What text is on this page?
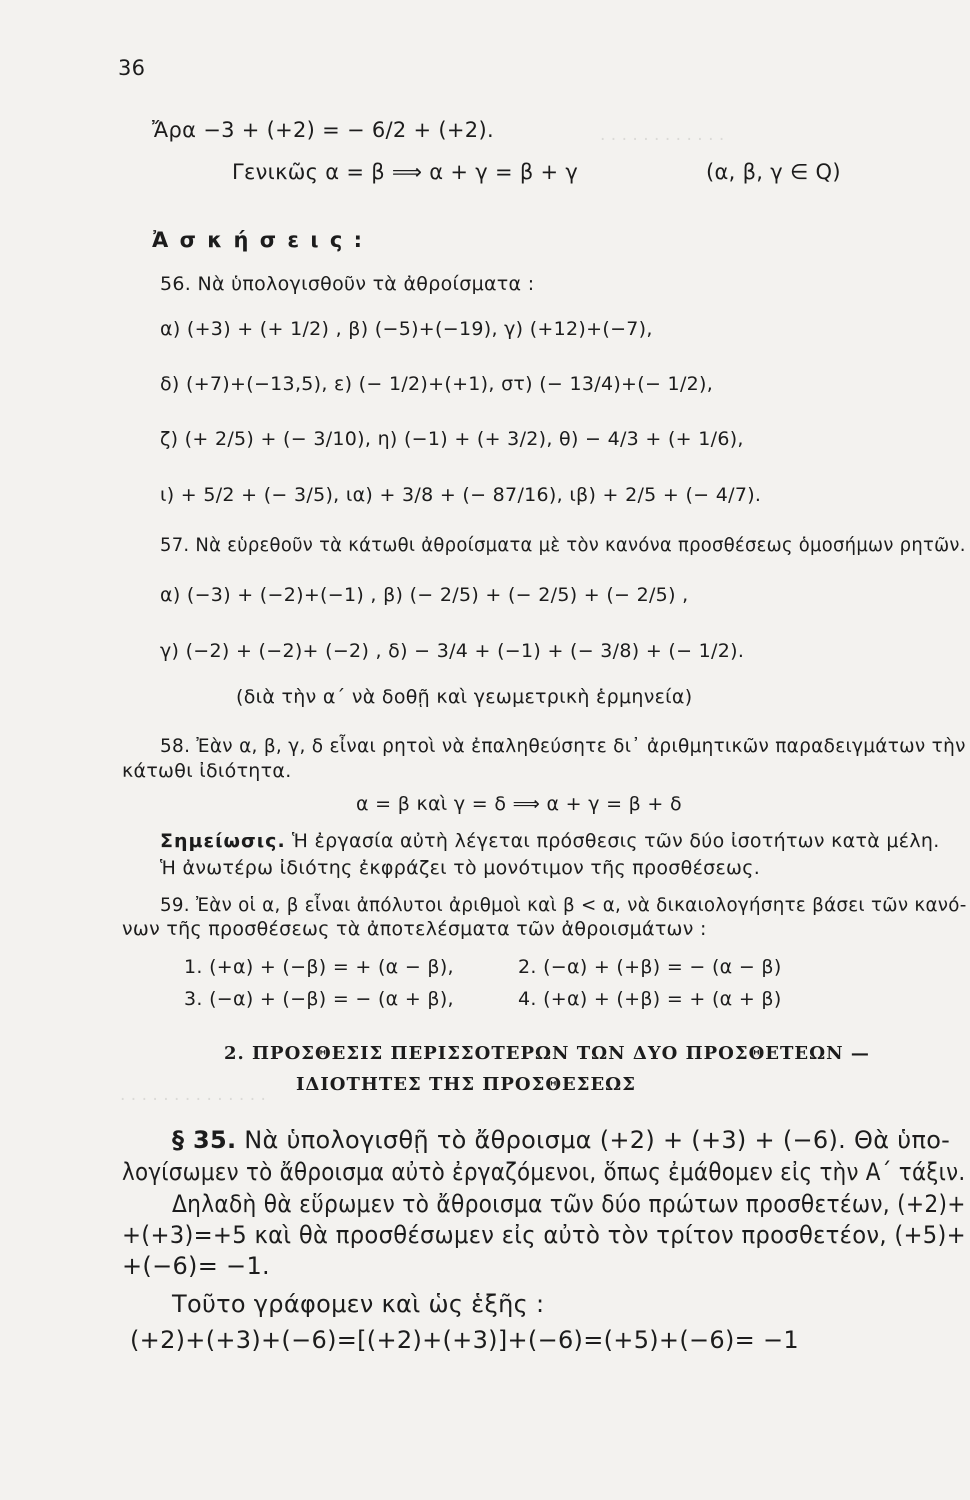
· · · · · · · · · · · ·
· · · · · · · · · · · · · ·
36
Ἄρα −3 + (+2) = − 6/2 + (+2).
Γενικῶς α = β ⟹ α + γ = β + γ	(α, β, γ ∈ Q)
Ἀ σ κ ή σ ε ι ς :
56. Νὰ ὑπολογισθοῦν τὰ ἀθροίσματα :
α) (+3) + (+ 1/2) , β) (−5)+(−19), γ) (+12)+(−7),
δ) (+7)+(−13,5), ε) (− 1/2)+(+1), στ) (− 13/4)+(− 1/2),
ζ) (+ 2/5) + (− 3/10), η) (−1) + (+ 3/2), θ) − 4/3 + (+ 1/6),
ι) + 5/2 + (− 3/5), ια) + 3/8 + (− 87/16), ιβ) + 2/5 + (− 4/7).
57. Νὰ εὑρεθοῦν τὰ κάτωθι ἀθροίσματα μὲ τὸν κανόνα προσθέσεως ὁμοσήμων ρητῶν.
α) (−3) + (−2)+(−1) , β) (− 2/5) + (− 2/5) + (− 2/5) ,
γ) (−2) + (−2)+ (−2) , δ) − 3/4 + (−1) + (− 3/8) + (− 1/2).
(διὰ τὴν α΄ νὰ δοθῇ καὶ γεωμετρικὴ ἑρμηνεία)
58. Ἐὰν α, β, γ, δ εἶναι ρητοὶ νὰ ἐπαληθεύσητε δι᾽ ἀριθμητικῶν παραδειγμάτων τὴν
κάτωθι ἰδιότητα.
α = β καὶ γ = δ ⟹ α + γ = β + δ
Σημείωσις. Ἡ ἐργασία αὐτὴ λέγεται πρόσθεσις τῶν δύο ἰσοτήτων κατὰ μέλη.
Ἡ ἀνωτέρω ἰδιότης ἐκφράζει τὸ μονότιμον τῆς προσθέσεως.
59. Ἐὰν οἱ α, β εἶναι ἀπόλυτοι ἀριθμοὶ καὶ β < α, νὰ δικαιολογήσητε βάσει τῶν κανό-
νων τῆς προσθέσεως τὰ ἀποτελέσματα τῶν ἀθροισμάτων :
1. (+α) + (−β) = + (α − β),	2. (−α) + (+β) = − (α − β)
3. (−α) + (−β) = − (α + β),	4. (+α) + (+β) = + (α + β)
2. ΠΡΟΣΘΕΣΙΣ ΠΕΡΙΣΣΟΤΕΡΩΝ ΤΩΝ ΔΥΟ ΠΡΟΣΘΕΤΕΩΝ —
ΙΔΙΟΤΗΤΕΣ ΤΗΣ ΠΡΟΣΘΕΣΕΩΣ
§ 35. Νὰ ὑπολογισθῇ τὸ ἄθροισμα (+2) + (+3) + (−6). Θὰ ὑπο-
λογίσωμεν τὸ ἄθροισμα αὐτὸ ἐργαζόμενοι, ὅπως ἐμάθομεν εἰς τὴν Α΄ τάξιν.
Δηλαδὴ θὰ εὕρωμεν τὸ ἄθροισμα τῶν δύο πρώτων προσθετέων, (+2)+
+(+3)=+5 καὶ θὰ προσθέσωμεν εἰς αὐτὸ τὸν τρίτον προσθετέον, (+5)+
+(−6)= −1.
Τοῦτο γράφομεν καὶ ὡς ἑξῆς :
(+2)+(+3)+(−6)=[(+2)+(+3)]+(−6)=(+5)+(−6)= −1
